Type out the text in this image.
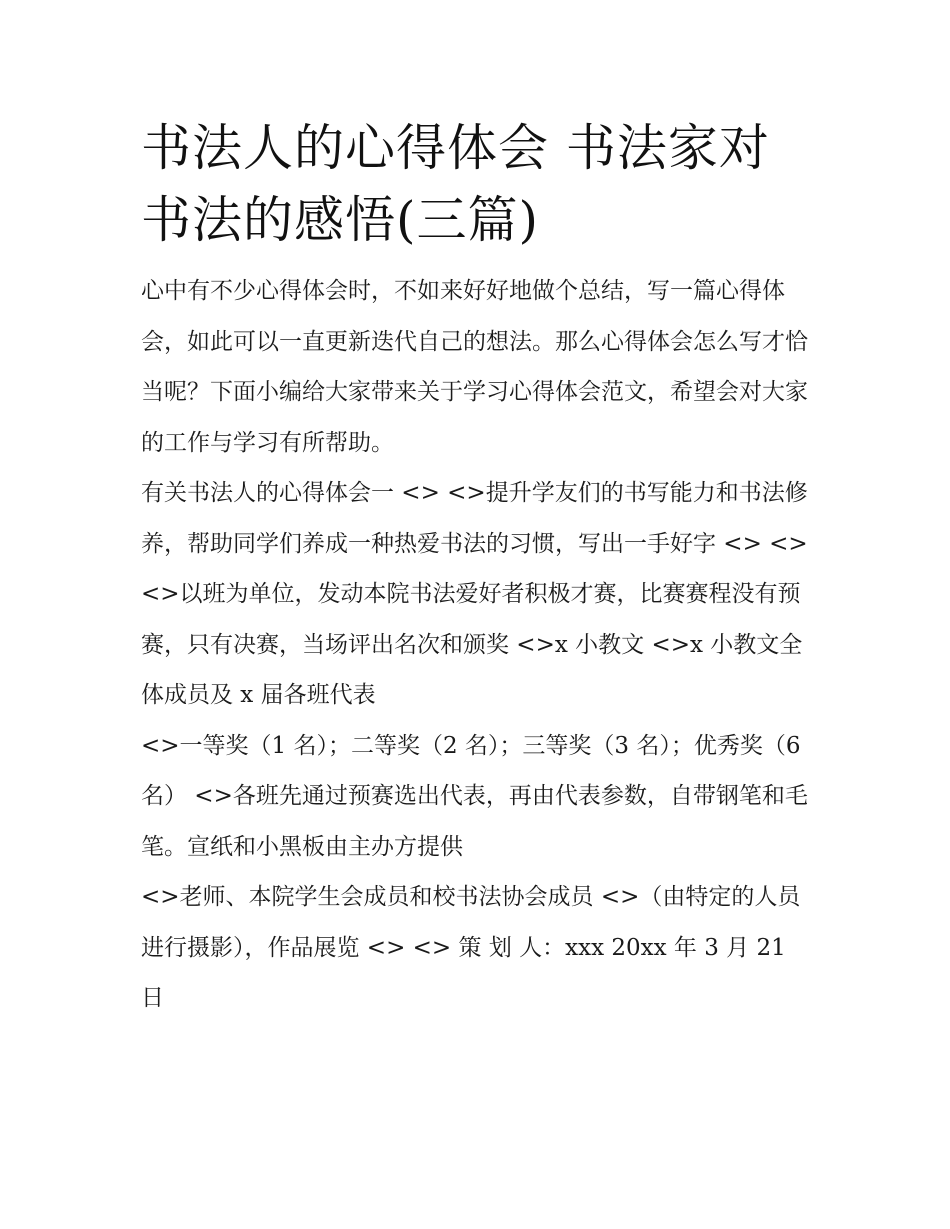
书法人的心得体会 书法家对书法的感悟(三篇)

心中有不少心得体会时，不如来好好地做个总结，写一篇心得体会，如此可以一直更新迭代自己的想法。那么心得体会怎么写才恰当呢？下面小编给大家带来关于学习心得体会范文，希望会对大家的工作与学习有所帮助。

有关书法人的心得体会一 <> <>提升学友们的书写能力和书法修养，帮助同学们养成一种热爱书法的习惯，写出一手好字 <> <>

<>以班为单位，发动本院书法爱好者积极才赛，比赛赛程没有预赛，只有决赛，当场评出名次和颁奖 <>x 小教文 <>x 小教文全体成员及 x 届各班代表

<>一等奖（1 名）；二等奖（2 名）；三等奖（3 名）；优秀奖（6 名） <>各班先通过预赛选出代表，再由代表参数，自带钢笔和毛笔。宣纸和小黑板由主办方提供

<>老师、本院学生会成员和校书法协会成员 <>（由特定的人员进行摄影），作品展览 <> <> 策 划 人：xxx 20xx 年 3 月 21 日
